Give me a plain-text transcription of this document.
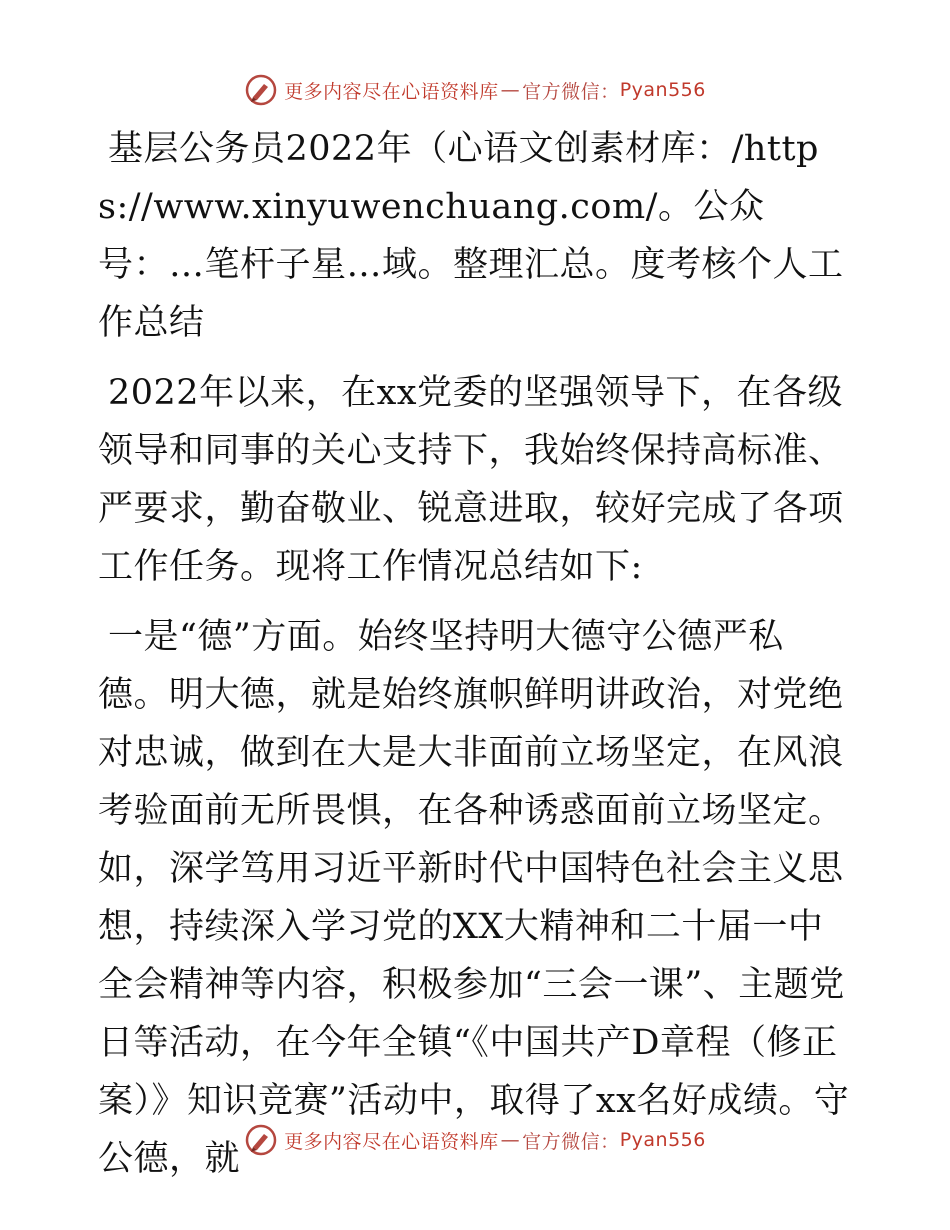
更多内容尽在心语资料库 — 官方微信： Pyan556

基层公务员2022年（心语文创素材库：/https://www.xinyuwenchuang.com/。公众号：…笔杆子星…域。整理汇总。度考核个人工作总结

2022年以来，在xx党委的坚强领导下，在各级领导和同事的关心支持下，我始终保持高标准、严要求，勤奋敬业、锐意进取，较好完成了各项工作任务。现将工作情况总结如下:

一是“德”方面。始终坚持明大德守公德严私德。明大德，就是始终旗帜鲜明讲政治，对党绝对忠诚，做到在大是大非面前立场坚定，在风浪考验面前无所畏惧，在各种诱惑面前立场坚定。如，深学笃用习近平新时代中国特色社会主义思想，持续深入学习党的XX大精神和二十届一中全会精神等内容，积极参加“三会一课”、主题党日等活动，在今年全镇“《中国共产D章程（修正案）》知识竞赛”活动中，取得了xx名好成绩。守公德，就	更多内容尽在心语资料库 — 官方微信： Pyan556
